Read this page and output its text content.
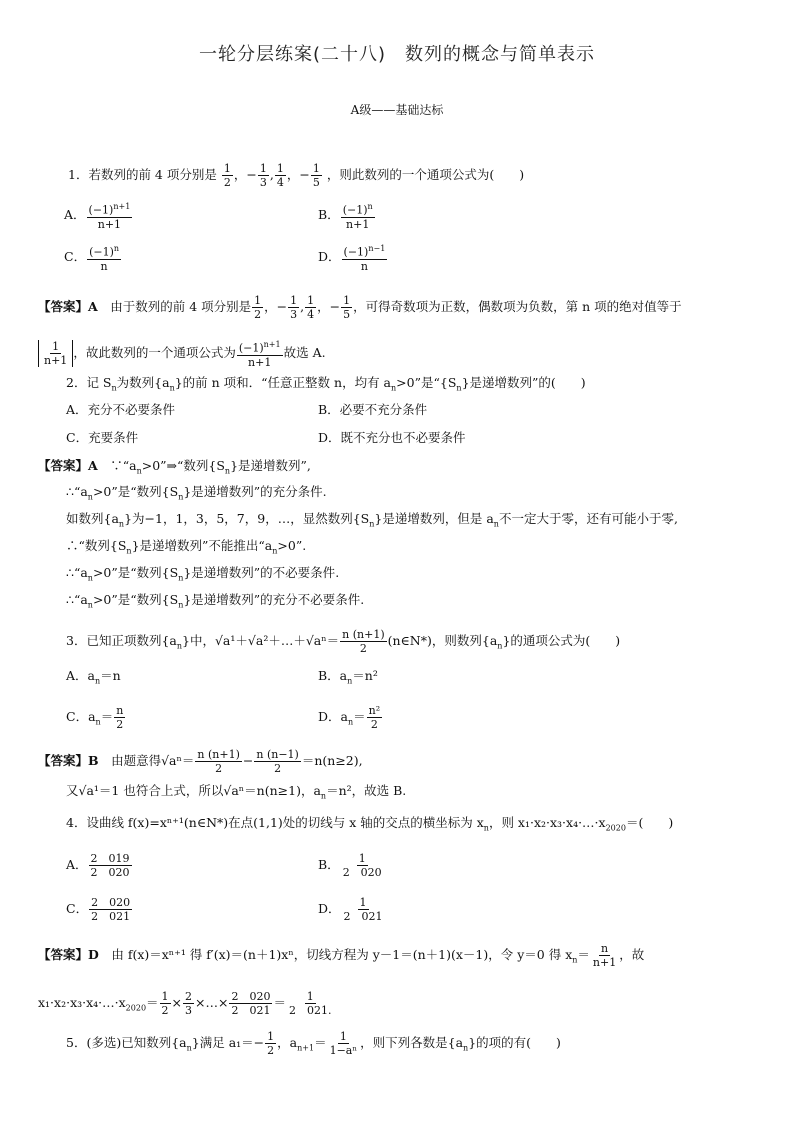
一轮分层练案(二十八)　数列的概念与简单表示
A级——基础达标
1．若数列的前 4 项分别是 $\frac{1}{2}$ ，− $\frac{1}{3}$ , $\frac{1}{4}$ ，− $\frac{1}{5}$ ，则此数列的一个通项公式为(　　)
A． $\frac{(-1)^{n+1}}{n+1}$	B． $\frac{(-1)^n}{n+1}$
C． $\frac{(-1)^n}{n}$	D． $\frac{(-1)^{n-1}}{n}$
【答案】A　 由于数列的前 4 项分别是 $\frac{1}{2}$ ，− $\frac{1}{3}$ , $\frac{1}{4}$ ，− $\frac{1}{5}$ ，可得奇数项为正数，偶数项为负数，第 n 项的绝对值等于
$\frac{1}{n+1}$ ，故此数列的一个通项公式为 $\frac{(-1)^{n+1}}{n+1}$ 故选 A.
2．记 $S_n$为数列$\{a_n\}$的前 n 项和．“任意正整数 n，均有 $a_n>0$”是“$\{S_n\}$是递增数列”的(　　)
A．充分不必要条件	B．必要不充分条件
C．充要条件	D．既不充分也不必要条件
【答案】A　 $\because“a_n>0”\Rightarrow“$数列$\{S_n\}$是递增数列”,
$\therefore“a_n>0$”是“数列$\{S_n\}$是递增数列”的充分条件.
如数列$\{a_n\}$为−1，1，3，5，7，9，…，显然数列$\{S_n\}$是递增数列，但是 $a_n$不一定大于零，还有可能小于零,
∴“数列$\{S_n\}$是递增数列”不能推出“$a_n>0$”.
$\therefore“a_n>0$”是“数列$\{S_n\}$是递增数列”的不必要条件.
$\therefore“a_n>0$”是“数列$\{S_n\}$是递增数列”的充分不必要条件.
3．已知正项数列$\{a_n\}$中，√a¹＋√a²＋…＋√aⁿ＝ $\frac{n (n+1)}{2}$ (n∈N*)，则数列$\{a_n\}$的通项公式为(　　)
A．$a_n=n$	B．$a_n=n^2$
C．$a_n= \frac{n}{2}$	D．$a_n= \frac{\text{n²}}{2}$
【答案】B　 由题意得$√a^n= \frac{n (n+1)}{2} - \frac{n (n-1)}{2} =n(n\ge 2)$,
又√a¹＝1 也符合上式，所以√aⁿ＝n(n≥1)，$a_n=n^2$，故选 B.
4．设曲线 f(x)=xⁿ⁺¹(n∈N*)在点(1,1)处的切线与 x 轴的交点的横坐标为 $x_n$，则 $x_1\cdot x_2\cdot x_3\cdot x_4\cdot\dots\cdot x_{2020}=$(　　)
A． $\frac{2 019}{2 020}$	B． $\frac{1}{2 020}$
C． $\frac{2 020}{2 021}$	D． $\frac{1}{2 021}$
【答案】D　 由 f(x)＝xⁿ⁺¹ 得 f′(x)＝(n＋1)xⁿ，切线方程为 y－1＝(n＋1)(x－1)，令 y＝0 得 $x_n= \frac{n}{n+1}$ ，故
$x_1\cdot x_2\cdot x_3\cdot x_4\cdot\dots\cdot x_{2020}= \frac{1}{2} \times \frac{2}{3}$ ×…× $\frac{2 020}{2 021} = \frac{1}{2 021.}$
5．(多选)已知数列$\{a_n\}$满足 $a_1=- \frac{1}{2}$ ，$a_{n+1}= \frac{1}{\text{1−aⁿ}}$ ，则下列各数是$\{a_n\}$的项的有(　　)
